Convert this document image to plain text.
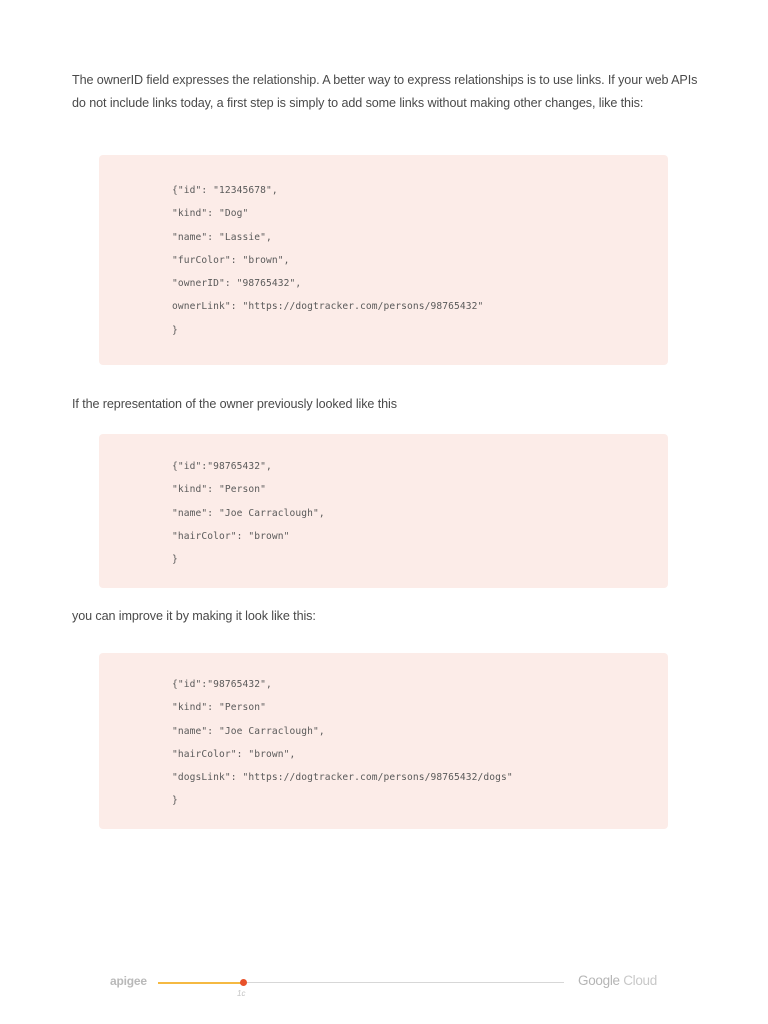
The ownerID field expresses the relationship. A better way to express relationships is to use links. If your web APIs do not include links today, a first step is simply to add some links without making other changes, like this:

{"id": "12345678",
"kind": "Dog"
"name": "Lassie",
"furColor": "brown",
"ownerID": "98765432",
ownerLink": "https://dogtracker.com/persons/98765432"
}

If the representation of the owner previously looked like this

{"id":"98765432",
"kind": "Person"
"name": "Joe Carraclough",
"hairColor": "brown"
}

you can improve it by making it look like this:

{"id":"98765432",
"kind": "Person"
"name": "Joe Carraclough",
"hairColor": "brown",
"dogsLink": "https://dogtracker.com/persons/98765432/dogs"
}
apigee
1c
Google Cloud
